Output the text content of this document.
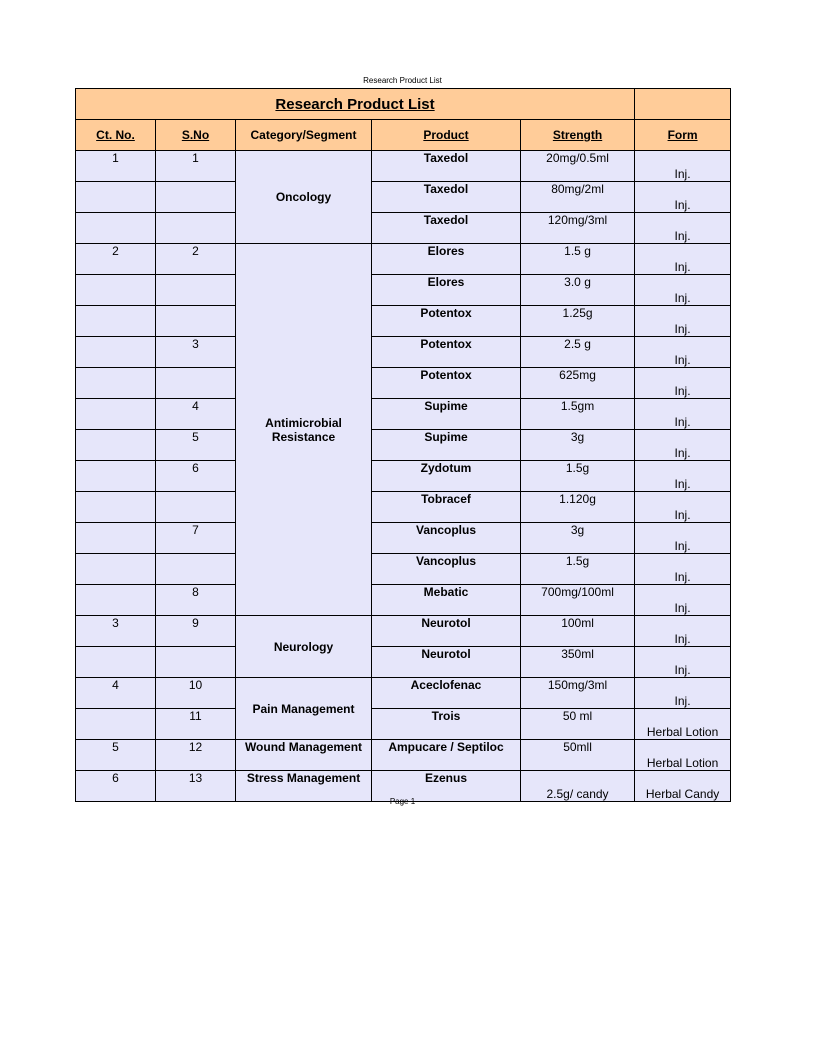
Research Product List
Research Product List					
Ct. No.	S.No	Category/Segment	Product	Strength	Form
1	1	Oncology	Taxedol	20mg/0.5ml	Inj.
			Taxedol	80mg/2ml	Inj.
			Taxedol	120mg/3ml	Inj.
2	2	Antimicrobial Resistance	Elores	1.5 g	Inj.
			Elores	3.0 g	Inj.
			Potentox	1.25g	Inj.
	3		Potentox	2.5 g	Inj.
			Potentox	625mg	Inj.
	4		Supime	1.5gm	Inj.
	5		Supime	3g	Inj.
	6		Zydotum	1.5g	Inj.
			Tobracef	1.120g	Inj.
	7		Vancoplus	3g	Inj.
			Vancoplus	1.5g	Inj.
	8		Mebatic	700mg/100ml	Inj.
3	9	Neurology	Neurotol	100ml	Inj.
			Neurotol	350ml	Inj.
4	10	Pain Management	Aceclofenac	150mg/3ml	Inj.
	11		Trois	50 ml	Herbal Lotion
5	12	Wound Management	Ampucare / Septiloc	50mll	Herbal Lotion
6	13	Stress Management	Ezenus	2.5g/ candy	Herbal Candy
Page 1
